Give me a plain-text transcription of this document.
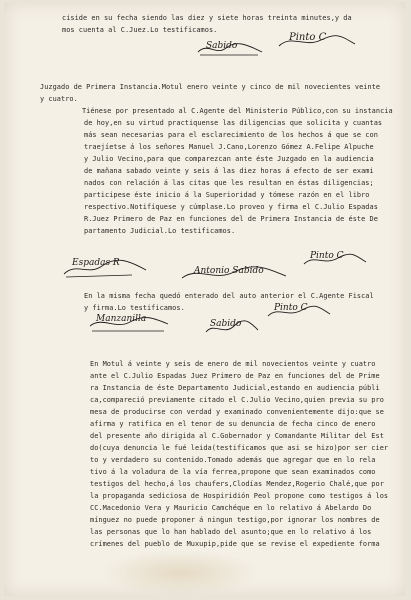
ciside en su fecha siendo las diez y siete horas treinta minutes,y da
mos cuenta al C.Juez.Lo testificamos.
Sabido
Pinto C
Juzgado de Primera Instancia.Motul enero veinte y cinco de mil novecientes veinte
y cuatro.
Tiénese por presentado al C.Agente del Ministerio Público,con su instancia
de hoy,en su virtud practiquense las diligencias que solicita y cuantas
más sean necesarias para el esclarecimiento de los hechos á que se con
traejíetse á los señores Manuel J.Cano,Lorenzo Gómez A.Felipe Alpuche
y Julio Vecino,para que comparezcan ante éste Juzgado en la audiencia
de mañana sabado veinte y seis á las diez horas á efecto de ser exami
nados con relación á las citas que les resultan en éstas diligencias;
participese éste inicio á la Superioridad y tómese razón en el libro
respectivo.Notifíquese y cúmplase.Lo proveo y firma el C.Julio Espadas
R.Juez Primero de Paz en funciones del de Primera Instancia de éste De
partamento Judicial.Lo testificamos.
Espadas R
Antonio Sabido
Pinto C
En la misma fecha quedó enterado del auto anterior el C.Agente Fiscal
y firma.Lo testificamos.
Manzanilla	Sabido
Pinto C
En Motul á veinte y seis de enero de mil novecientos veinte y cuatro
ante el C.Julio Espadas Juez Primero de Paz en funciones del de Prime
ra Instancia de éste Departamento Judicial,estando en audiencia públi
ca,compareció previamente citado el C.Julio Vecino,quien previa su pro
mesa de producirse con verdad y examinado convenientemente dijo:que se
afirma y ratifica en el tenor de su denuncia de fecha cinco de enero
del presente año dirigida al C.Gobernador y Comandante Militar del Est
do(cuya denuncia le fué leida(testificamos que asi se hizo)por ser cier
to y verdadero su contenido.Tomado además que agregar que en lo rela
tivo á la voladura de la vía ferrea,propone que sean examinados como
testigos del hecho,á los chaufers,Clodías Mendez,Rogerio Chalé,que por
la propaganda sediciosa de Hospiridión Peol propone como testigos á los
CC.Macedonio Vera y Mauricio Camchéque en lo relativo á Abelardo Do
mínguez no puede proponer á ningun testigo,por ignorar los nombres de
las personas que lo han hablado del asunto;que en lo relativo á los
crímenes del pueblo de Muxupip,pide que se revise el expediente forma
